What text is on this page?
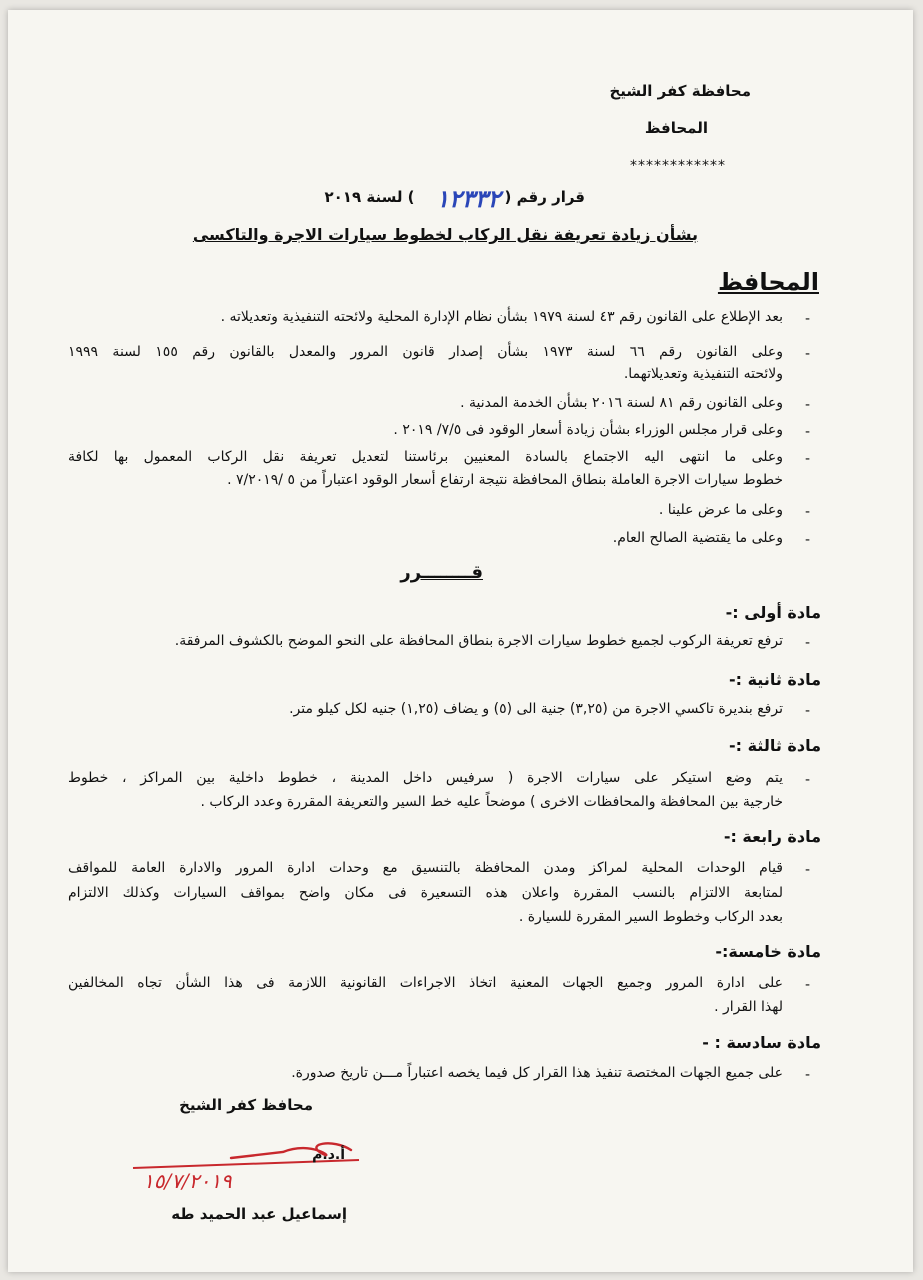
محافظة كفر الشيخ
المحافظ
************
قرار رقم (
١٢٣٣٢
) لسنة ٢٠١٩
بشأن زيادة تعريفة نقل الركاب لخطوط سيارات الاجرة والتاكسى
المحافظ
-
بعد الإطلاع على القانون رقم ٤٣ لسنة ١٩٧٩ بشأن نظام الإدارة المحلية ولائحته التنفيذية وتعديلاته .
-
وعلى القانون رقم ٦٦ لسنة ١٩٧٣ بشأن إصدار قانون المرور والمعدل بالقانون رقم ١٥٥ لسنة ١٩٩٩
ولائحته التنفيذية وتعديلاتهما.
-
وعلى القانون رقم ٨١ لسنة ٢٠١٦ بشأن الخدمة المدنية .
-
وعلى قرار مجلس الوزراء بشأن زيادة أسعار الوقود فى ٧/٥/ ٢٠١٩ .
-
وعلى ما انتهى اليه الاجتماع بالسادة المعنيين برئاستنا لتعديل تعريفة نقل الركاب المعمول بها لكافة
خطوط سيارات الاجرة العاملة بنطاق المحافظة نتيجة ارتفاع أسعار الوقود اعتباراً من ٥ /٧/٢٠١٩ .
-
وعلى ما عرض علينا .
-
وعلى ما يقتضية الصالح العام.
قــــــــرر
مادة أولى :-
-
ترفع تعريفة الركوب لجميع خطوط سيارات الاجرة بنطاق المحافظة على النحو الموضح بالكشوف المرفقة.
مادة ثانية :-
-
ترفع بنديرة تاكسي الاجرة من (٣,٢٥) جنية الى (٥) و يضاف (١,٢٥) جنيه لكل كيلو متر.
مادة ثالثة :-
-
يتم وضع استيكر على سيارات الاجرة ( سرفيس داخل المدينة ، خطوط داخلية بين المراكز ، خطوط
خارجية بين المحافظة والمحافظات الاخرى ) موضحاً عليه خط السير والتعريفة المقررة وعدد الركاب .
مادة رابعة :-
-
قيام الوحدات المحلية لمراكز ومدن المحافظة بالتنسيق مع وحدات ادارة المرور والادارة العامة للمواقف
لمتابعة الالتزام بالنسب المقررة واعلان هذه التسعيرة فى مكان واضح بمواقف السيارات وكذلك الالتزام
بعدد الركاب وخطوط السير المقررة للسيارة .
مادة خامسة:-
-
على ادارة المرور وجميع الجهات المعنية اتخاذ الاجراءات القانونية اللازمة فى هذا الشأن تجاه المخالفين
لهذا القرار .
مادة سادسة : -
-
على جميع الجهات المختصة تنفيذ هذا القرار كل فيما يخصه اعتباراً مـــن تاريخ صدورة.
محافظ كفر الشيخ
١٥/٧/٢٠١٩
أ.د.م
إسماعيل عبد الحميد طه
